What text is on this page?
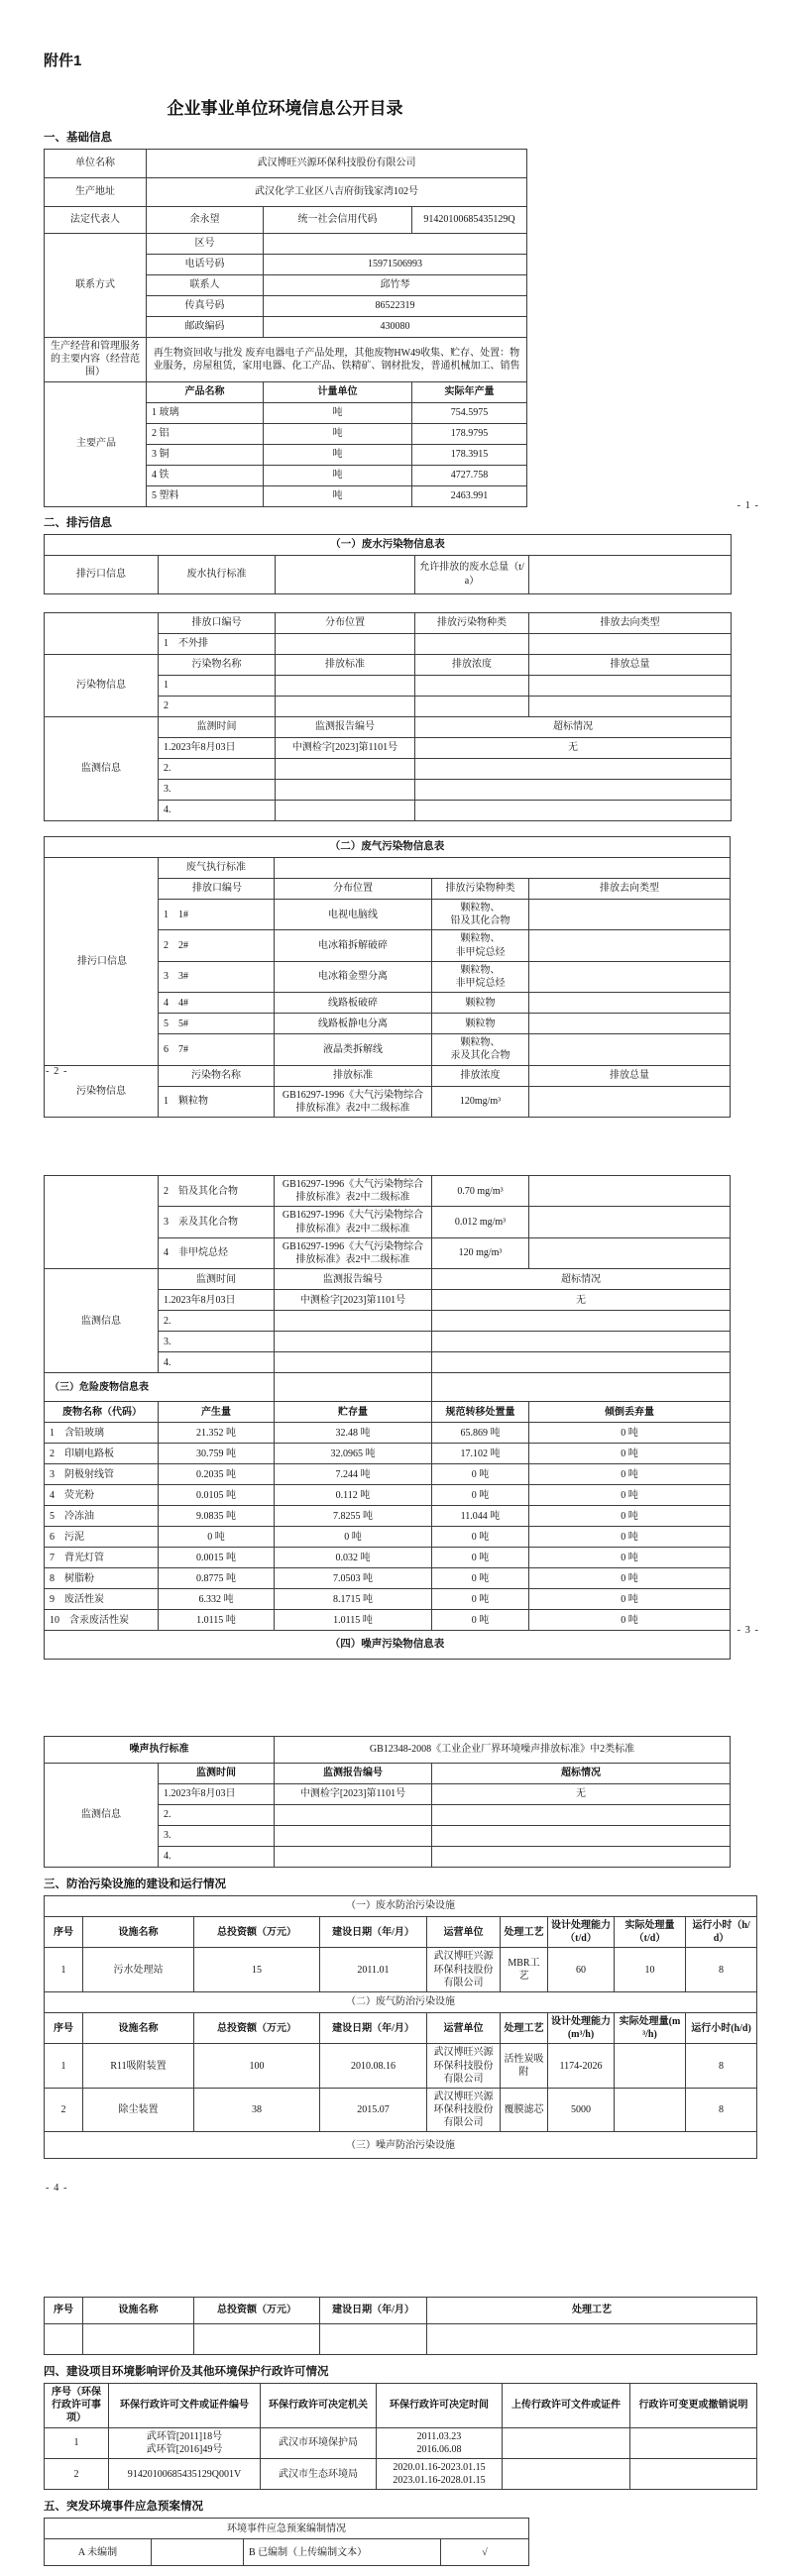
附件1
企业事业单位环境信息公开目录
一、基础信息
单位名称	武汉博旺兴源环保科技股份有限公司		
生产地址	武汉化学工业区八吉府街钱家湾102号		
法定代表人	余永望	统一社会信用代码	91420100685435129Q
联系方式	区号		
	电话号码	15971506993	
	联系人	邱竹琴	
	传真号码	86522319	
	邮政编码	430080	
生产经营和管理服务的主要内容（经营范围）	再生物资回收与批发 废弃电器电子产品处理，其他废物HW49收集、贮存、处置：物业服务，房屋租赁，家用电器、化工产品、铁精矿、钢材批发，普通机械加工、销售		
主要产品	产品名称	计量单位	实际年产量
	1 玻璃	吨	754.5975
	2 铝	吨	178.9795
	3 铜	吨	178.3915
	4 铁	吨	4727.758
	5 塑料	吨	2463.991
二、排污信息
（一）废水污染物信息表
排污口信息	废水执行标准		允许排放的废水总量（t/a）	
- 1 -
	排放口编号	分布位置	排放污染物种类	排放去向类型
	1　不外排			
污染物信息	污染物名称	排放标准	排放浓度	排放总量
	1			
	2			
监测信息	监测时间	监测报告编号	超标情况	
	1.2023年8月03日	中测检字[2023]第1101号	无	
	2.			
	3.			
	4.			
（二）废气污染物信息表				
排污口信息	废气执行标准			
	排放口编号	分布位置	排放污染物种类	排放去向类型
	1　1#	电视电脑线	颗粒物、
铅及其化合物	
	2　2#	电冰箱拆解破碎	颗粒物、
非甲烷总烃	
	3　3#	电冰箱金塑分离	颗粒物、
非甲烷总烃	
	4　4#	线路板破碎	颗粒物	
	5　5#	线路板静电分离	颗粒物	
	6　7#	液晶类拆解线	颗粒物、
汞及其化合物	
污染物信息	污染物名称	排放标准	排放浓度	排放总量
	1　颗粒物	GB16297-1996《大气污染物综合排放标准》表2中二级标准	120mg/m³	
- 2 -
	2　铅及其化合物	GB16297-1996《大气污染物综合排放标准》表2中二级标准	0.70 mg/m³	
	3　汞及其化合物	GB16297-1996《大气污染物综合排放标准》表2中二级标准	0.012 mg/m³	
	4　非甲烷总烃	GB16297-1996《大气污染物综合排放标准》表2中二级标准	120 mg/m³	
监测信息	监测时间	监测报告编号	超标情况	
	1.2023年8月03日	中测检字[2023]第1101号	无	
	2.			
	3.			
	4.			
（三）危险废物信息表				
废物名称（代码）	产生量	贮存量	规范转移处置量	倾倒丢弃量
1　含铅玻璃	21.352 吨	32.48 吨	65.869 吨	0 吨
2　印刷电路板	30.759 吨	32.0965 吨	17.102 吨	0 吨
3　阴极射线管	0.2035 吨	7.244 吨	0 吨	0 吨
4　荧光粉	0.0105 吨	0.112 吨	0 吨	0 吨
5　冷冻油	9.0835 吨	7.8255 吨	11.044 吨	0 吨
6　污泥	0 吨	0 吨	0 吨	0 吨
7　背光灯管	0.0015 吨	0.032 吨	0 吨	0 吨
8　树脂粉	0.8775 吨	7.0503 吨	0 吨	0 吨
9　废活性炭	6.332 吨	8.1715 吨	0 吨	0 吨
10　含汞废活性炭	1.0115 吨	1.0115 吨	0 吨	0 吨
（四）噪声污染物信息表				
- 3 -
噪声执行标准		GB12348-2008《工业企业厂界环境噪声排放标准》中2类标准	
监测信息	监测时间	监测报告编号	超标情况
	1.2023年8月03日	中测检字[2023]第1101号	无
	2.		
	3.		
	4.		
三、防治污染设施的建设和运行情况
（一）废水防治污染设施								
序号	设施名称	总投资额（万元）	建设日期（年/月）	运营单位	处理工艺	设计处理能力（t/d）	实际处理量（t/d）	运行小时（h/d）
1	污水处理站	15	2011.01	武汉博旺兴源环保科技股份有限公司	MBR工艺	60	10	8
（二）废气防治污染设施								
序号	设施名称	总投资额（万元）	建设日期（年/月）	运营单位	处理工艺	设计处理能力(m³/h)	实际处理量(m³/h)	运行小时(h/d)
1	R11吸附装置	100	2010.08.16	武汉博旺兴源环保科技股份有限公司	活性炭吸附	1174-2026		8
2	除尘装置	38	2015.07	武汉博旺兴源环保科技股份有限公司	覆膜滤芯	5000		8
（三）噪声防治污染设施								
- 4 -
序号	设施名称	总投资额（万元）	建设日期（年/月）	处理工艺

四、建设项目环境影响评价及其他环境保护行政许可情况
序号（环保行政许可事项）	环保行政许可文件或证件编号	环保行政许可决定机关	环保行政许可决定时间	上传行政许可文件或证件	行政许可变更或撤销说明
1	武环管[2011]18号
武环管[2016]49号	武汉市环境保护局	2011.03.23
2016.06.08		
2	91420100685435129Q001V	武汉市生态环境局	2020.01.16-2023.01.15
2023.01.16-2028.01.15		
五、突发环境事件应急预案情况
环境事件应急预案编制情况
A 未编制		B 已编制（上传编制文本）	√
